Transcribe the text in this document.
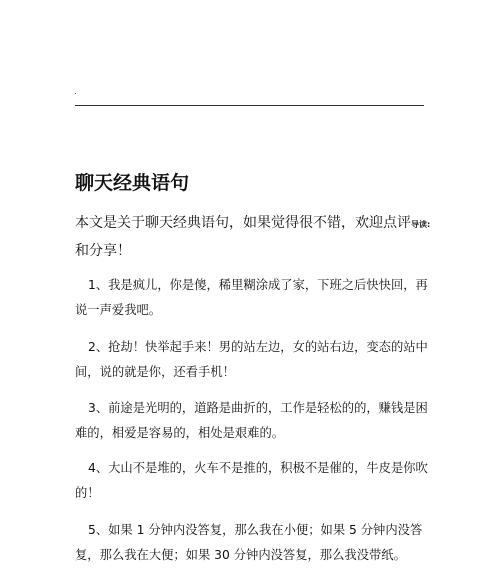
聊天经典语句

本文是关于聊天经典语句，如果觉得很不错，欢迎点评导读:
和分享！

1、我是疯儿，你是傻，稀里糊涂成了家，下班之后快快回，再说一声爱我吧。

2、抢劫！快举起手来！男的站左边，女的站右边，变态的站中间，说的就是你，还看手机！

3、前途是光明的，道路是曲折的，工作是轻松的的，赚钱是困难的，相爱是容易的，相处是艰难的。

4、大山不是堆的，火车不是推的，积极不是催的，牛皮是你吹的！

5、如果 1 分钟内没答复，那么我在小便；如果 5 分钟内没答复，那么我在大便；如果 30 分钟内没答复，那么我没带纸。
